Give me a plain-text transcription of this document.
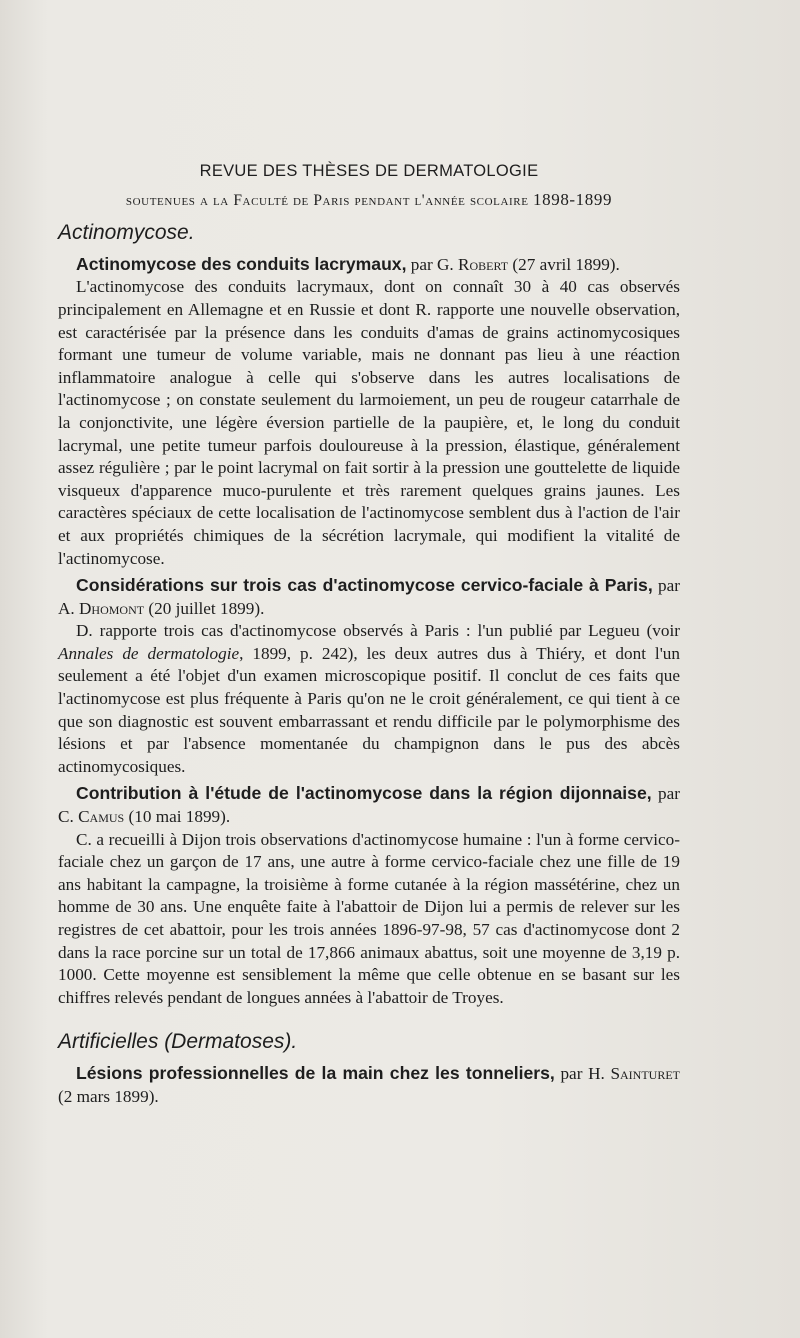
REVUE DES THÈSES DE DERMATOLOGIE
soutenues a la Faculté de Paris pendant l'année scolaire 1898-1899
Actinomycose.
Actinomycose des conduits lacrymaux, par G. Robert (27 avril 1899).

L'actinomycose des conduits lacrymaux, dont on connaît 30 à 40 cas observés principalement en Allemagne et en Russie et dont R. rapporte une nouvelle observation, est caractérisée par la présence dans les conduits d'amas de grains actinomycosiques formant une tumeur de volume variable, mais ne donnant pas lieu à une réaction inflammatoire analogue à celle qui s'observe dans les autres localisations de l'actinomycose ; on constate seulement du larmoiement, un peu de rougeur catarrhale de la conjonctivite, une légère éversion partielle de la paupière, et, le long du conduit lacrymal, une petite tumeur parfois douloureuse à la pression, élastique, généralement assez régulière ; par le point lacrymal on fait sortir à la pression une gouttelette de liquide visqueux d'apparence muco-purulente et très rarement quelques grains jaunes. Les caractères spéciaux de cette localisation de l'actinomycose semblent dus à l'action de l'air et aux propriétés chimiques de la sécrétion lacrymale, qui modifient la vitalité de l'actinomycose.

Considérations sur trois cas d'actinomycose cervico-faciale à Paris, par A. Dhomont (20 juillet 1899).

D. rapporte trois cas d'actinomycose observés à Paris : l'un publié par Legueu (voir Annales de dermatologie, 1899, p. 242), les deux autres dus à Thiéry, et dont l'un seulement a été l'objet d'un examen microscopique positif. Il conclut de ces faits que l'actinomycose est plus fréquente à Paris qu'on ne le croit généralement, ce qui tient à ce que son diagnostic est souvent embarrassant et rendu difficile par le polymorphisme des lésions et par l'absence momentanée du champignon dans le pus des abcès actinomycosiques.

Contribution à l'étude de l'actinomycose dans la région dijonnaise, par C. Camus (10 mai 1899).

C. a recueilli à Dijon trois observations d'actinomycose humaine : l'un à forme cervico-faciale chez un garçon de 17 ans, une autre à forme cervico-faciale chez une fille de 19 ans habitant la campagne, la troisième à forme cutanée à la région massétérine, chez un homme de 30 ans. Une enquête faite à l'abattoir de Dijon lui a permis de relever sur les registres de cet abattoir, pour les trois années 1896-97-98, 57 cas d'actinomycose dont 2 dans la race porcine sur un total de 17,866 animaux abattus, soit une moyenne de 3,19 p. 1000. Cette moyenne est sensiblement la même que celle obtenue en se basant sur les chiffres relevés pendant de longues années à l'abattoir de Troyes.

Artificielles (Dermatoses).
Lésions professionnelles de la main chez les tonneliers, par H. Sainturet (2 mars 1899).
